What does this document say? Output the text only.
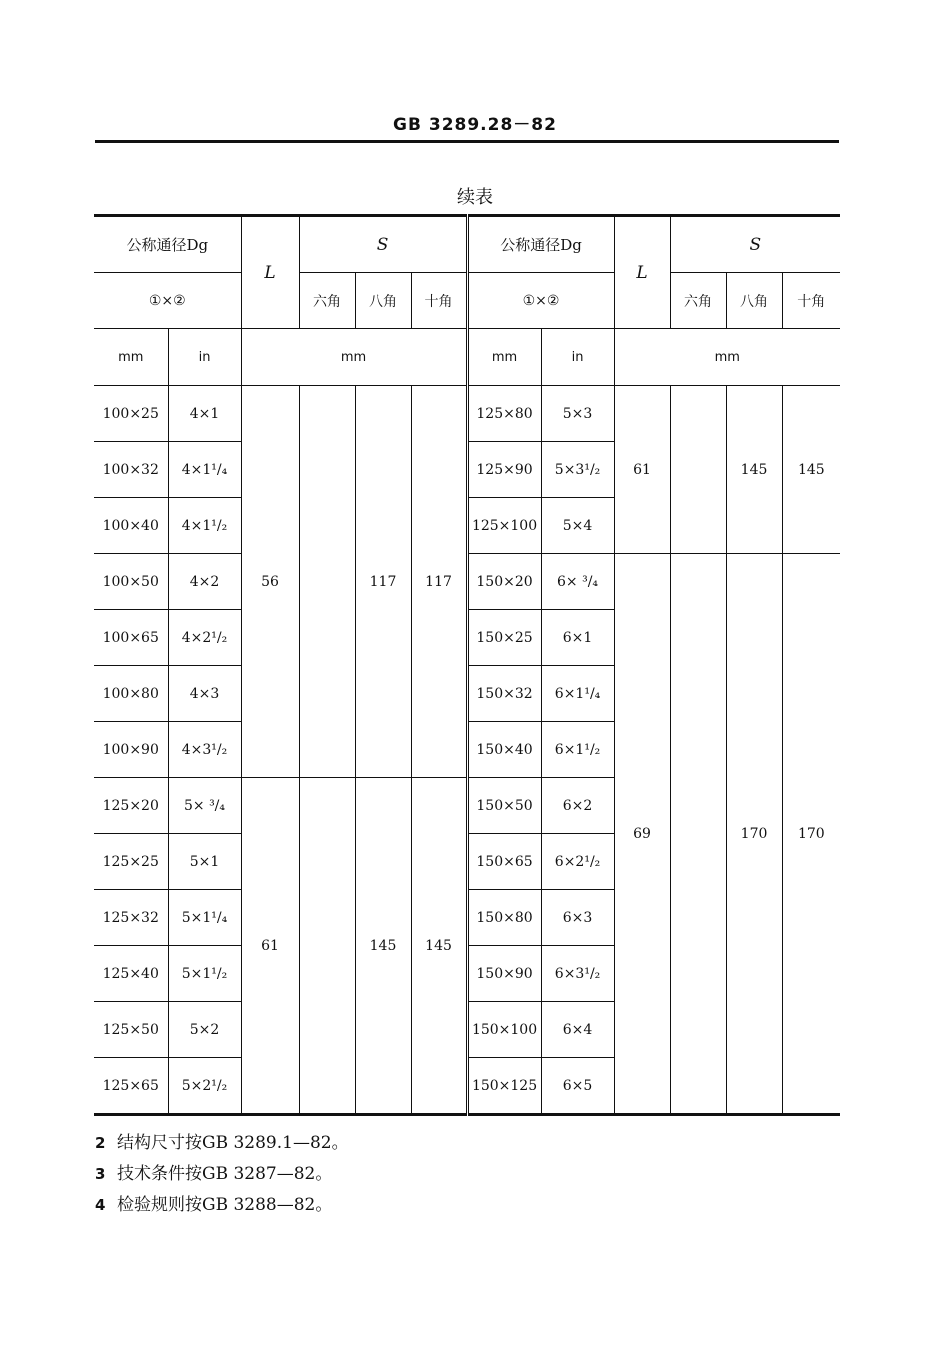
GB 3289.28－82
续表
公称通径Dg		L	S			公称通径Dg		L	S		
①×②			六角	八角	十角	①×②			六角	八角	十角
mm	in	mm				mm	in	mm			
100×25	4×1	56		117	117	125×80	5×3	61		145	145
100×32	4×1¹/₄					125×90	5×3¹/₂				
100×40	4×1¹/₂					125×100	5×4				
100×50	4×2					150×20	6× ³/₄	69		170	170
100×65	4×2¹/₂					150×25	6×1				
100×80	4×3					150×32	6×1¹/₄				
100×90	4×3¹/₂					150×40	6×1¹/₂				
125×20	5× ³/₄	61		145	145	150×50	6×2				
125×25	5×1					150×65	6×2¹/₂				
125×32	5×1¹/₄					150×80	6×3				
125×40	5×1¹/₂					150×90	6×3¹/₂				
125×50	5×2					150×100	6×4				
125×65	5×2¹/₂					150×125	6×5				
2 结构尺寸按GB 3289.1—82。
3 技术条件按GB 3287—82。
4 检验规则按GB 3288—82。
